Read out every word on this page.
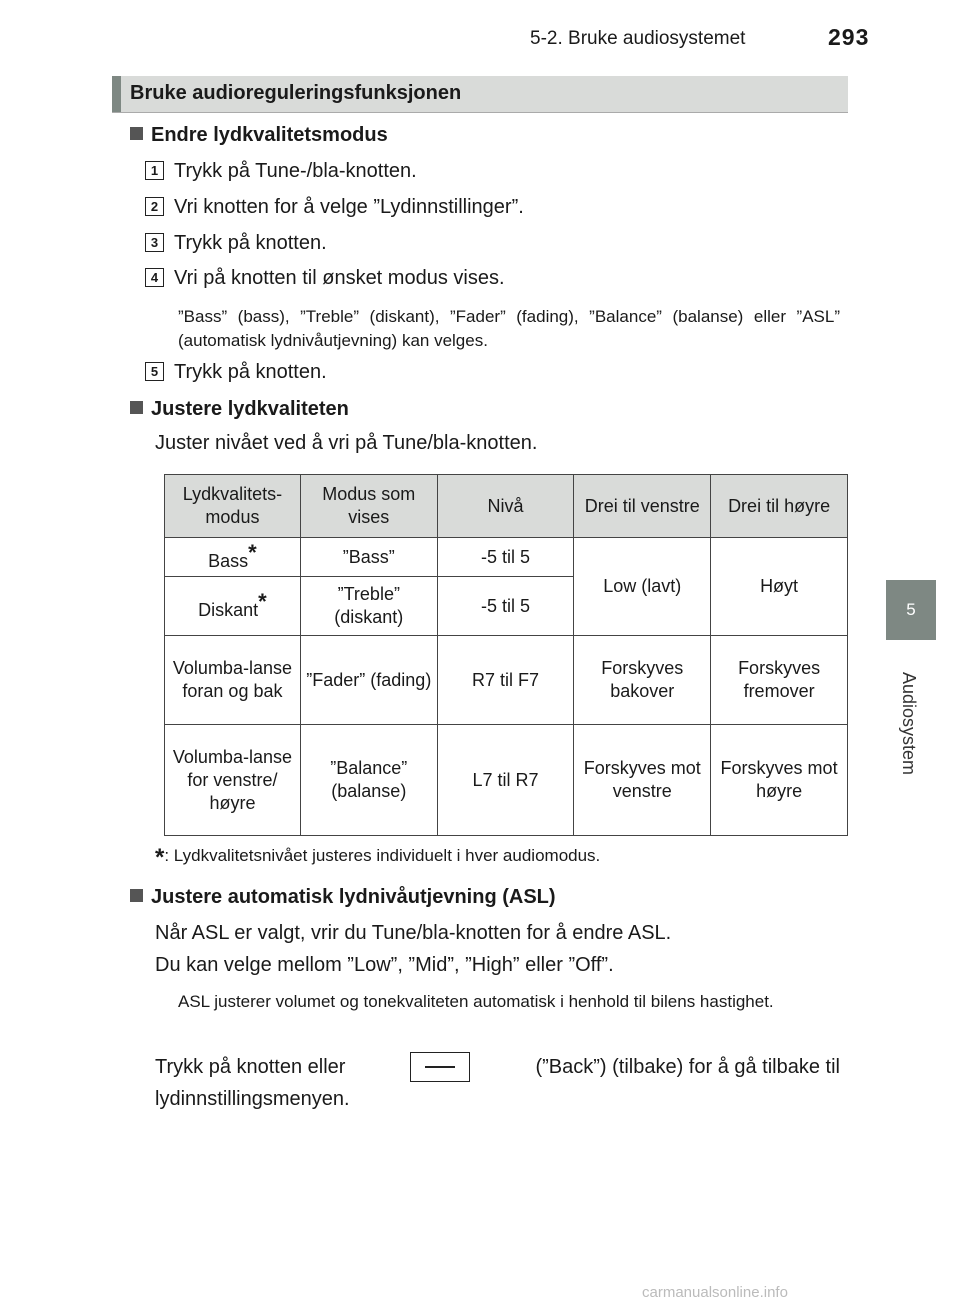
5-2. Bruke audiosystemet	293
5
Audiosystem
Bruke audioreguleringsfunksjonen
Endre lydkvalitetsmodus
1 Trykk på Tune-/bla-knotten.
2 Vri knotten for å velge ”Lydinnstillinger”.
3 Trykk på knotten.
4 Vri på knotten til ønsket modus vises.
”Bass” (bass), ”Treble” (diskant), ”Fader” (fading), ”Balance” (balanse) eller ”ASL” (automatisk lydnivåutjevning) kan velges.
5 Trykk på knotten.
Justere lydkvaliteten
Juster nivået ved å vri på Tune/bla-knotten.
Lydkvalitets-modus	Modus som vises	Nivå	Drei til venstre	Drei til høyre
Bass*	”Bass”	-5 til 5	Low (lavt)	Høyt
Diskant*	”Treble” (diskant)	-5 til 5		
Volumba-lanse foran og bak	”Fader” (fading)	R7 til F7	Forskyves bakover	Forskyves fremover
Volumba-lanse for venstre/ høyre	”Balance” (balanse)	L7 til R7	Forskyves mot venstre	Forskyves mot høyre
*: Lydkvalitetsnivået justeres individuelt i hver audiomodus.
Justere automatisk lydnivåutjevning (ASL)
Når ASL er valgt, vrir du Tune/bla-knotten for å endre ASL.
Du kan velge mellom ”Low”, ”Mid”, ”High” eller ”Off”.
ASL justerer volumet og tonekvaliteten automatisk i henhold til bilens hastighet.
Trykk på knotten eller	(”Back”) (tilbake) for å gå tilbake til
lydinnstillingsmenyen.
carmanualsonline.info
